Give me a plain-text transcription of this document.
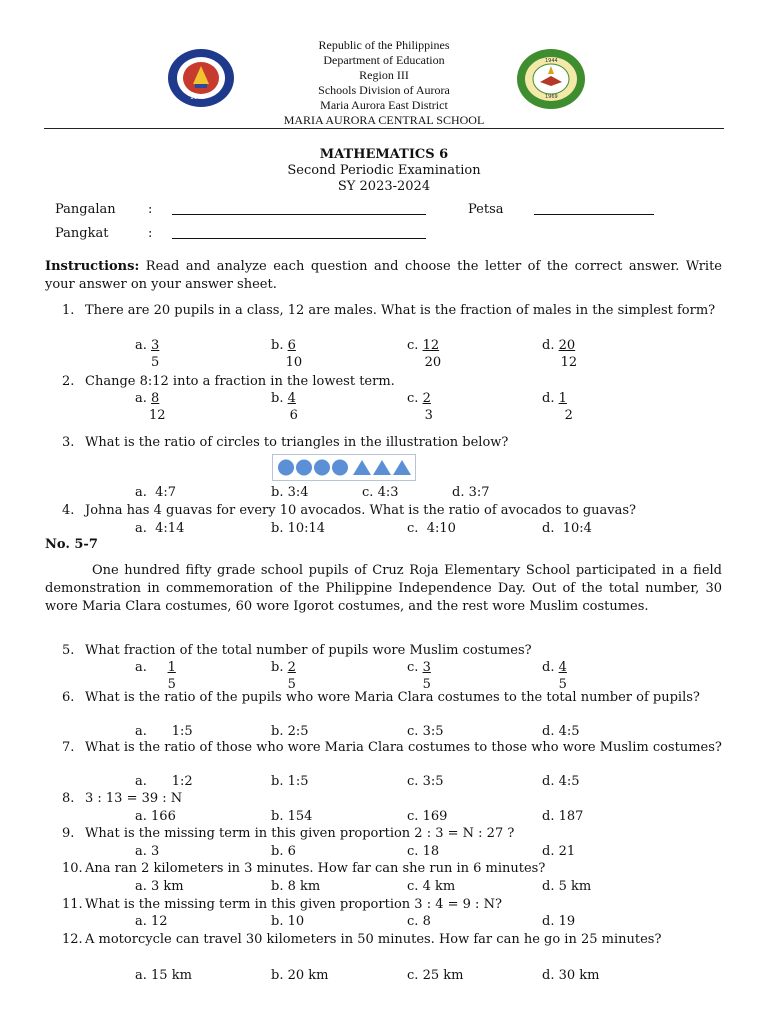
1975
1944
1969
Republic of the Philippines
Department of Education
Region III
Schools Division of Aurora
Maria Aurora East District
MARIA AURORA CENTRAL SCHOOL
MATHEMATICS 6
Second Periodic Examination
SY 2023-2024
Pangalan :	Petsa
Pangkat	:
Instructions: Read and analyze each question and choose the letter of the correct answer. Write your answer on your answer sheet.
1. There are 20 pupils in a class, 12 are males. What is the fraction of males in the simplest form?
a. $\frac{3}{5}$	b. $\frac{6}{10}$	c. $\frac{12}{20}$	d. $\frac{20}{12}$
2. Change 8:12 into a fraction in the lowest term.
a. $\frac{8}{12}$	b. $\frac{4}{6}$	c. $\frac{2}{3}$	d. 1
2
3. What is the ratio of circles to triangles in the illustration below?
a. 4:7	b. 3:4	c. 4:3	d. 3:7
4. Johna has 4 guavas for every 10 avocados. What is the ratio of avocados to guavas?
a. 4:14	b. 10:14	c. 4:10	d. 10:4
No. 5-7
One hundred fifty grade school pupils of Cruz Roja Elementary School participated in a field demonstration in commemoration of the Philippine Independence Day. Out of the total number, 30 wore Maria Clara costumes, 60 wore Igorot costumes, and the rest wore Muslim costumes.
5. What fraction of the total number of pupils wore Muslim costumes?
a. $\frac{1}{5}$	b. $\frac{2}{5}$	c. $\frac{3}{5}$	d. $\frac{4}{5}$
6. What is the ratio of the pupils who wore Maria Clara costumes to the total number of pupils?
a. 1:5	b. 2:5	c. 3:5	d. 4:5
7. What is the ratio of those who wore Maria Clara costumes to those who wore Muslim costumes?
a. 1:2	b. 1:5	c. 3:5	d. 4:5
8. 3 : 13 = 39 : N
a. 166	b. 154	c. 169	d. 187
9. What is the missing term in this given proportion 2 : 3 = N : 27 ?
a. 3	b. 6	c. 18	d. 21
10. Ana ran 2 kilometers in 3 minutes. How far can she run in 6 minutes?
a. 3 km	b. 8 km	c. 4 km	d. 5 km
11. What is the missing term in this given proportion 3 : 4 = 9 : N?
a. 12	b. 10	c. 8	d. 19
12. A motorcycle can travel 30 kilometers in 50 minutes. How far can he go in 25 minutes?
a. 15 km	b. 20 km	c. 25 km	d. 30 km
